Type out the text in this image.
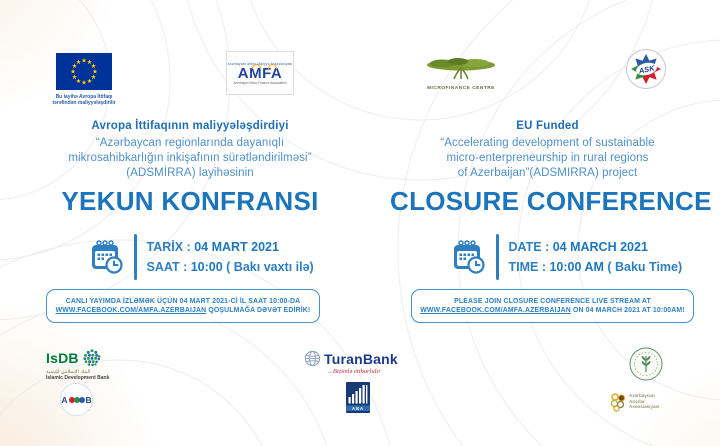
Bu layihə Avropa İttifaqı
tərəfindən maliyyələşdirilir
Azərbaycan Mikro-Maliyyə Assosiasiyası
AMFA
Azerbaijan Micro-Finance Association
MICROFINANCE CENTRE
ASK
Avropa İttifaqının maliyyələşdirdiyi
“Azərbaycan regionlarında dayanıqlı
mikrosahibkarlığın inkişafının sürətləndirilməsi”
(ADSMİRRA) layihəsinin
YEKUN KONFRANSI
TARİX : 04 MART 2021
SAAT : 10:00 ( Bakı vaxtı ilə)
CANLI YAYIMDA İZLƏMƏK ÜÇÜN 04 MART 2021-Cİ İL SAAT 10:00-DA
WWW.FACEBOOK.COM/AMFA.AZERBAIJAN QOŞULMAĞA DƏVƏT EDİRİK!
EU Funded
“Accelerating development of sustainable
micro-enterpreneurship in rural regions
of Azerbaijan”(ADSMIRRA) project
CLOSURE CONFERENCE
DATE : 04 MARCH 2021
TIME : 10:00 AM ( Baku Time)
PLEASE JOIN CLOSURE CONFERENCE LIVE STREAM AT
WWW.FACEBOOK.COM/AMFA.AZERBAIJAN ON 04 MARCH 2021 AT 10:00AM!
IsDB
البنك الإسلامي للتنمية
Islamic Development Bank
A B
TuranBank
...Bizimlə etibarlıdır
ABA
Azərbaycan
Arıçılar
Assosiasiyası
